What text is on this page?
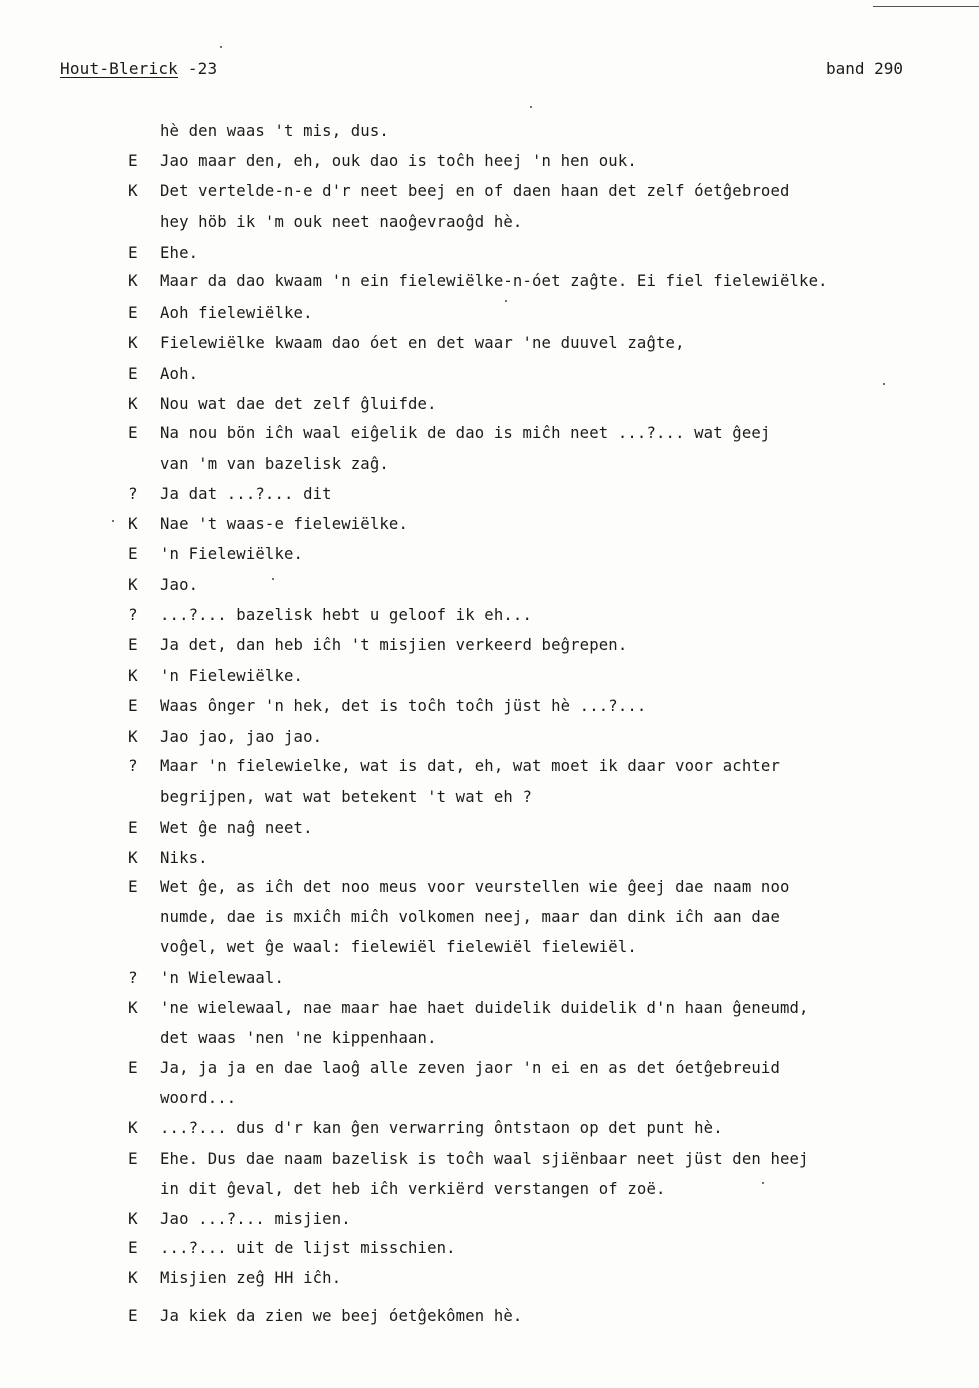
Hout-Blerick -23	band 290
hè den waas 't mis, dus.
E	Jao maar den, eh, ouk dao is toĉh heej 'n hen ouk.
K	Det vertelde-n-e d'r neet beej en of daen haan det zelf óetĝebroed
hey höb ik 'm ouk neet naoĝevraoĝd hè.
E	Ehe.
K	Maar da dao kwaam 'n ein fielewiëlke-n-óet zaĝte. Ei fiel fielewiëlke.
E	Aoh fielewiëlke.
K	Fielewiëlke kwaam dao óet en det waar 'ne duuvel zaĝte,
E	Aoh.
K	Nou wat dae det zelf ĝluifde.
E	Na nou bön iĉh waal eiĝelik de dao is miĉh neet ...?... wat ĝeej
van 'm van bazelisk zaĝ.
?	Ja dat ...?... dit
K	Nae 't waas-e fielewiëlke.
E	'n Fielewiëlke.
K	Jao.
?	...?... bazelisk hebt u geloof ik eh...
E	Ja det, dan heb iĉh 't misjien verkeerd beĝrepen.
K	'n Fielewiëlke.
E	Waas ônger 'n hek, det is toĉh toĉh jüst hè ...?...
K	Jao jao, jao jao.
?	Maar 'n fielewielke, wat is dat, eh, wat moet ik daar voor achter
begrijpen, wat wat betekent 't wat eh ?
E	Wet ĝe naĝ neet.
K	Niks.
E	Wet ĝe, as iĉh det noo meus voor veurstellen wie ĝeej dae naam noo
numde, dae is mxiĉh miĉh volkomen neej, maar dan dink iĉh aan dae
voĝel, wet ĝe waal: fielewiël fielewiël fielewiël.
?	'n Wielewaal.
K	'ne wielewaal, nae maar hae haet duidelik duidelik d'n haan ĝeneumd,
det waas 'nen 'ne kippenhaan.
E	Ja, ja ja en dae laoĝ alle zeven jaor 'n ei en as det óetĝebreuid
woord...
K	...?... dus d'r kan ĝen verwarring ôntstaon op det punt hè.
E	Ehe. Dus dae naam bazelisk is toĉh waal sjiënbaar neet jüst den heej
in dit ĝeval, det heb iĉh verkiërd verstangen of zoë.
K	Jao ...?... misjien.
E	...?... uit de lijst misschien.
K	Misjien zeĝ HH iĉh.
E	Ja kiek da zien we beej óetĝekômen hè.
